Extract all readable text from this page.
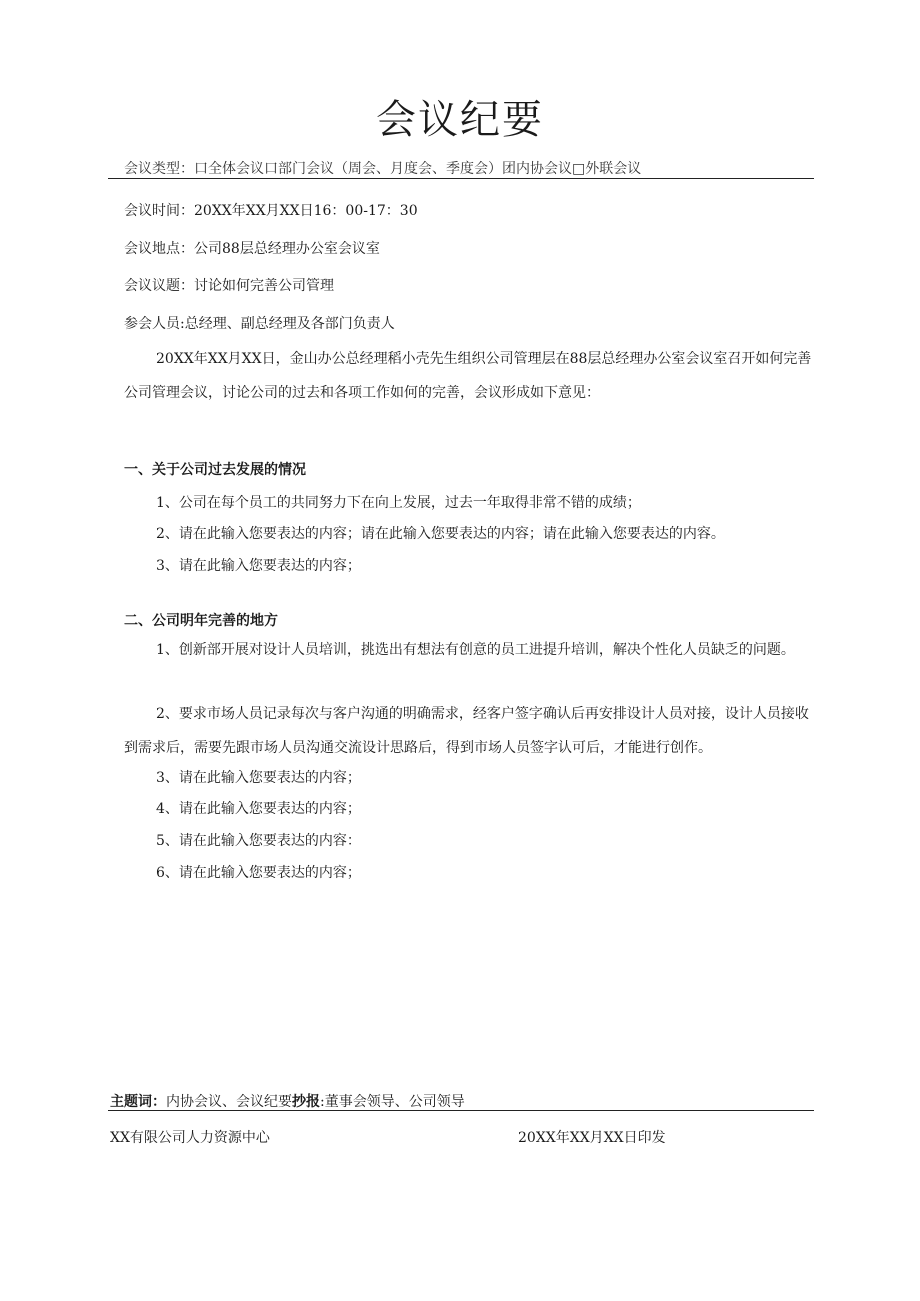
会议纪要
会议类型：口全体会议口部门会议（周会、月度会、季度会）团内协会议□外联会议
会议时间：20XX年XX月XX日16：00-17：30
会议地点：公司88层总经理办公室会议室
会议议题：讨论如何完善公司管理
参会人员:总经理、副总经理及各部门负责人
20XX年XX月XX日，金山办公总经理稻小壳先生组织公司管理层在88层总经理办公室会议室召开如何完善公司管理会议，讨论公司的过去和各项工作如何的完善，会议形成如下意见：
一、关于公司过去发展的情况
1、公司在每个员工的共同努力下在向上发展，过去一年取得非常不错的成绩；
2、请在此输入您要表达的内容；请在此输入您要表达的内容；请在此输入您要表达的内容。
3、请在此输入您要表达的内容；
二、公司明年完善的地方
1、创新部开展对设计人员培训，挑选出有想法有创意的员工进提升培训，解决个性化人员缺乏的问题。
2、要求市场人员记录每次与客户沟通的明确需求，经客户签字确认后再安排设计人员对接，设计人员接收到需求后，需要先跟市场人员沟通交流设计思路后，得到市场人员签字认可后，才能进行创作。
3、请在此输入您要表达的内容；
4、请在此输入您要表达的内容；
5、请在此输入您要表达的内容：
6、请在此输入您要表达的内容；
主题词：内协会议、会议纪要抄报:董事会领导、公司领导
XX有限公司人力资源中心	20XX年XX月XX日印发
